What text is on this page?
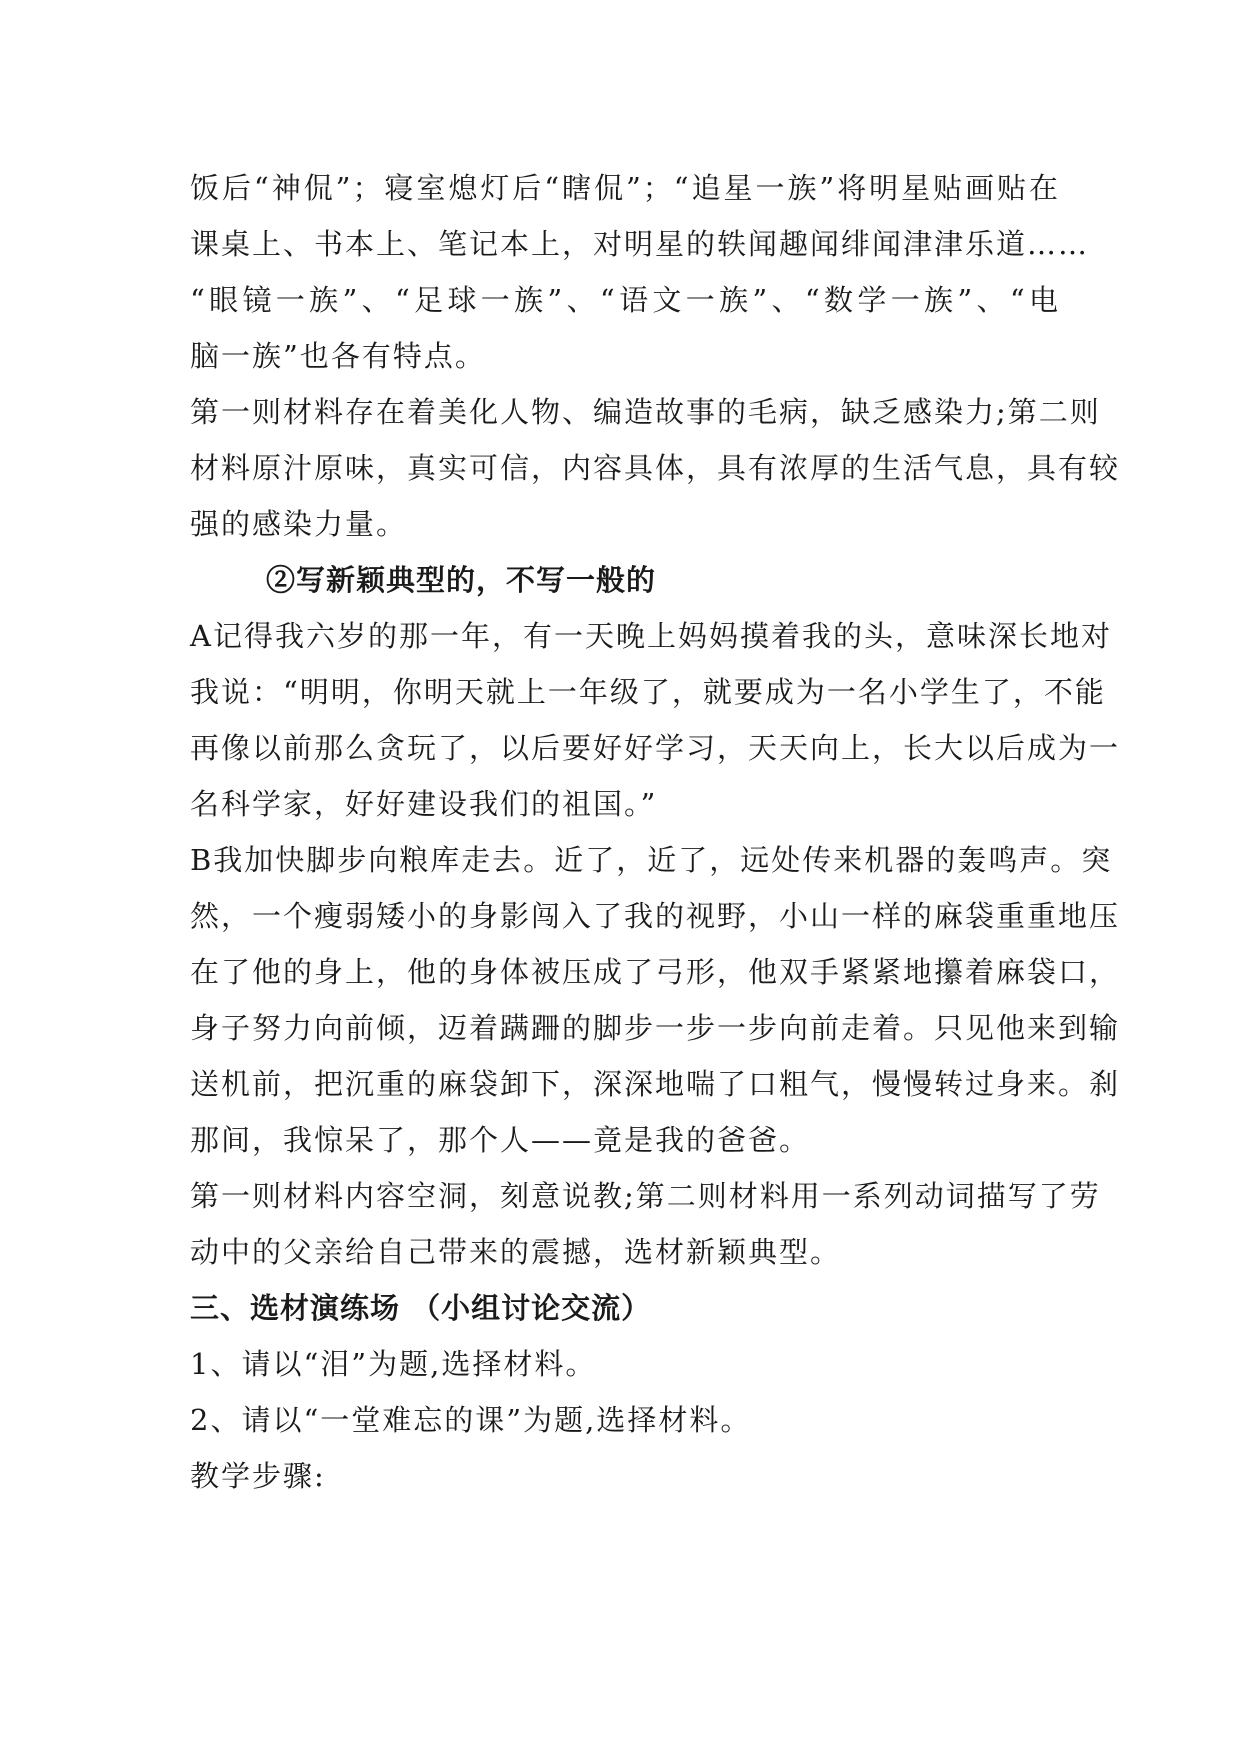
饭后“神侃”；寝室熄灯后“瞎侃”；“追星一族”将明星贴画贴在
课桌上、书本上、笔记本上，对明星的轶闻趣闻绯闻津津乐道……
“眼镜一族”、“足球一族”、“语文一族”、“数学一族”、“电
脑一族”也各有特点。
第一则材料存在着美化人物、编造故事的毛病，缺乏感染力;第二则
材料原汁原味，真实可信，内容具体，具有浓厚的生活气息，具有较
强的感染力量。
②写新颖典型的，不写一般的
A记得我六岁的那一年，有一天晚上妈妈摸着我的头，意味深长地对
我说：“明明，你明天就上一年级了，就要成为一名小学生了，不能
再像以前那么贪玩了，以后要好好学习，天天向上，长大以后成为一
名科学家，好好建设我们的祖国。”
B我加快脚步向粮库走去。近了，近了，远处传来机器的轰鸣声。突
然，一个瘦弱矮小的身影闯入了我的视野，小山一样的麻袋重重地压
在了他的身上，他的身体被压成了弓形，他双手紧紧地攥着麻袋口，
身子努力向前倾，迈着蹒跚的脚步一步一步向前走着。只见他来到输
送机前，把沉重的麻袋卸下，深深地喘了口粗气，慢慢转过身来。刹
那间，我惊呆了，那个人——竟是我的爸爸。
第一则材料内容空洞，刻意说教;第二则材料用一系列动词描写了劳
动中的父亲给自己带来的震撼，选材新颖典型。
三、选材演练场 （小组讨论交流）
1、请以“泪”为题,选择材料。
2、请以“一堂难忘的课”为题,选择材料。
教学步骤:
